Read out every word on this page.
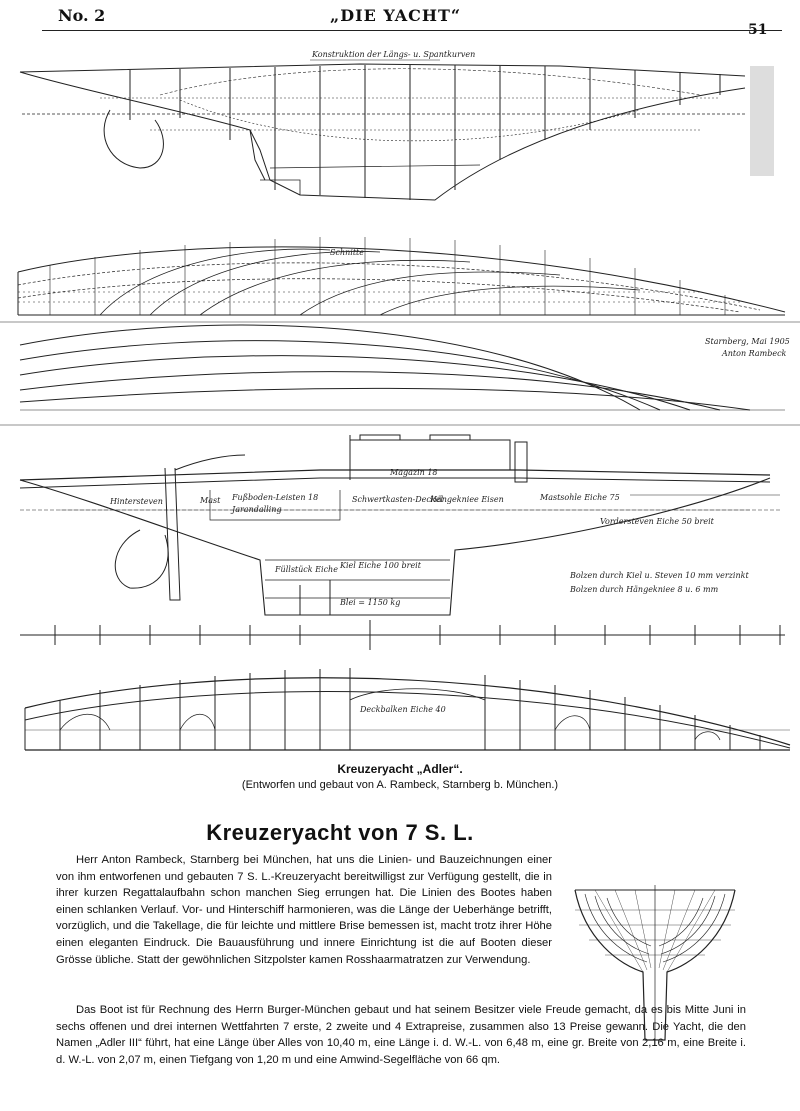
No. 2	„DIE YACHT“
51
Konstruktion der Längs- u. Spantkurven
Schnitte
Starnberg, Mai 1905
Anton Rambeck
Hintersteven	Mast Fußboden-Leisten 18
Jarandalling
Magazin 18
Schwertkasten-Deckel
Hängekniee Eisen	Mastsohle Eiche 75
Vordersteven Eiche 50 breit
Bolzen durch Kiel u. Steven 10 mm verzinkt
Bolzen durch Hängekniee 8 u. 6 mm
Blei = 1150 kg
Füllstück Eiche Kiel Eiche 100 breit
Deckbalken Eiche 40
Kreuzeryacht „Adler“.
(Entworfen und gebaut von A. Rambeck, Starnberg b. München.)
Kreuzeryacht von 7 S. L.

Herr Anton Rambeck, Starnberg bei München, hat uns die Linien- und Bauzeichnungen einer von ihm entworfenen und gebauten 7 S. L.-Kreuzeryacht bereitwilligst zur Verfügung gestellt, die in ihrer kurzen Regattalaufbahn schon manchen Sieg errungen hat. Die Linien des Bootes haben einen schlanken Verlauf. Vor- und Hinterschiff harmonieren, was die Länge der Ueberhänge betrifft, vorzüglich, und die Takellage, die für leichte und mittlere Brise bemessen ist, macht trotz ihrer Höhe einen eleganten Eindruck. Die Bauausführung und innere Einrichtung ist die auf Booten dieser Grösse übliche. Statt der gewöhnlichen Sitzpolster kamen Rosshaarmatratzen zur Verwendung.

Das Boot ist für Rechnung des Herrn Burger-München gebaut und hat seinem Besitzer viele Freude gemacht, da es bis Mitte Juni in sechs offenen und drei internen Wettfahrten 7 erste, 2 zweite und 4 Extrapreise, zusammen also 13 Preise gewann. Die Yacht, die den Namen „Adler III“ führt, hat eine Länge über Alles von 10,40 m, eine Länge i. d. W.-L. von 6,48 m, eine gr. Breite von 2,16 m, eine Breite i. d. W.-L. von 2,07 m, einen Tiefgang von 1,20 m und eine Amwind-Segelfläche von 66 qm.
